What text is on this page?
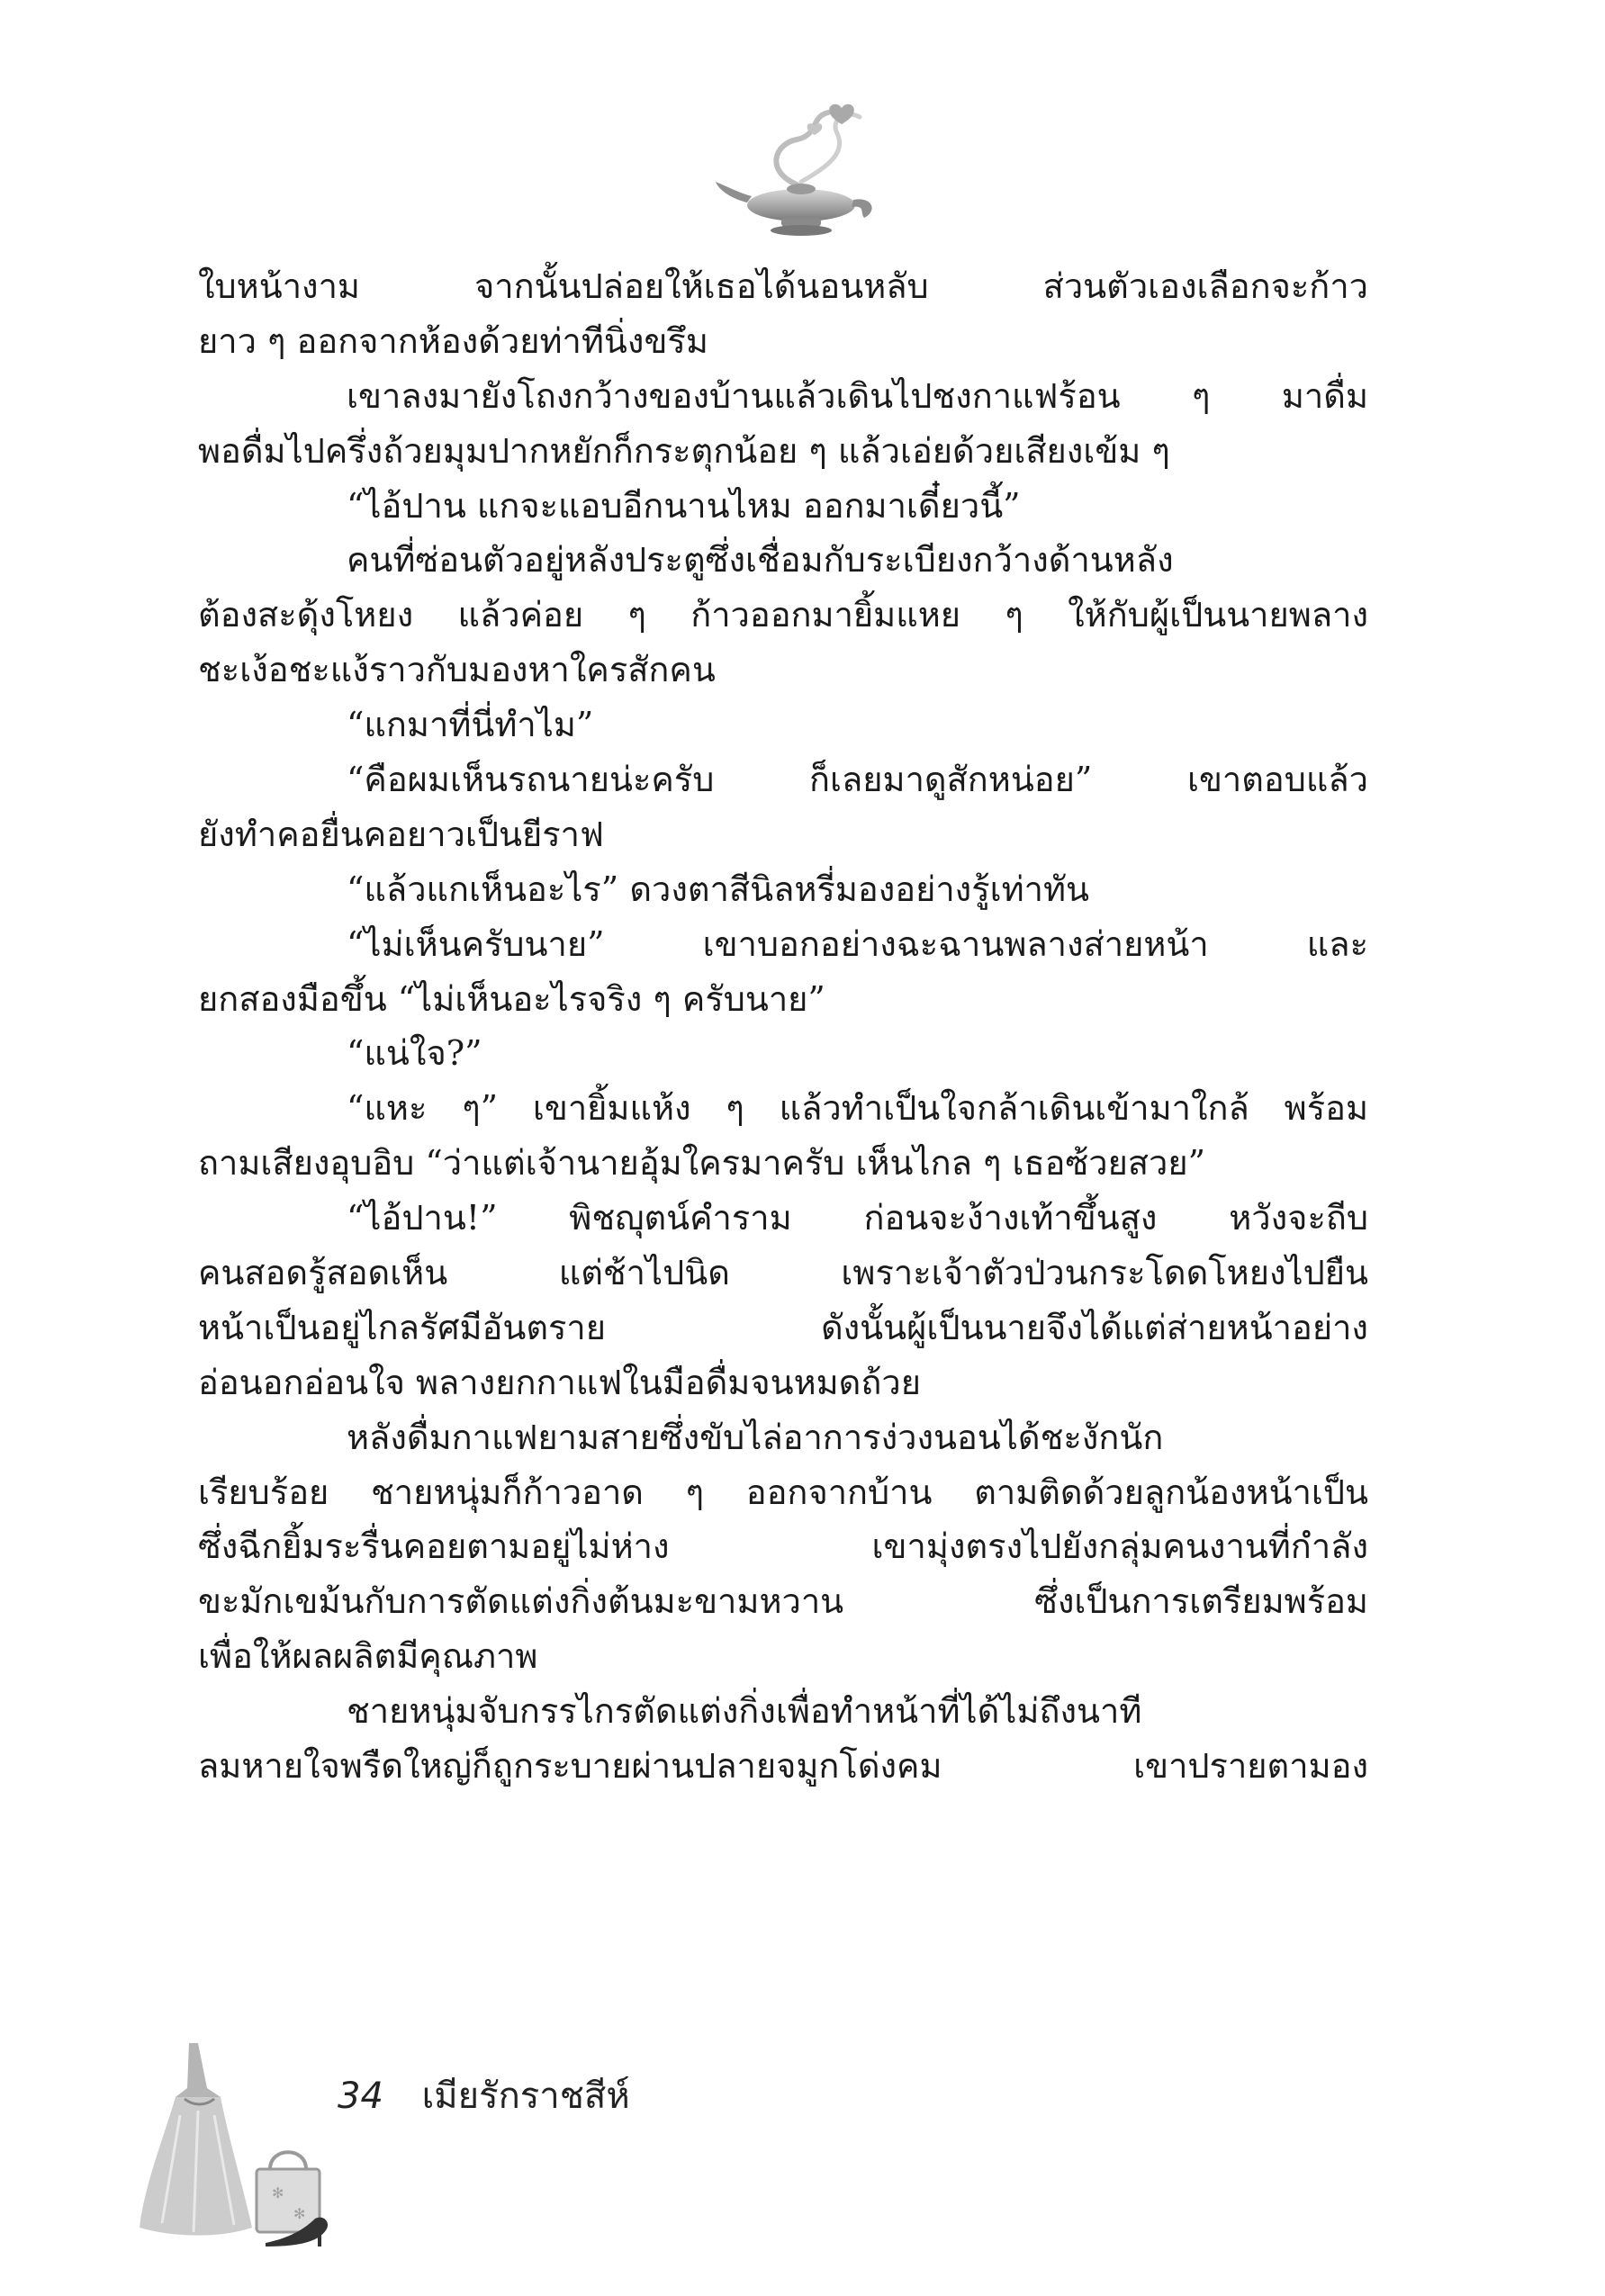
ใบหน้างาม จากนั้นปล่อยให้เธอได้นอนหลับ ส่วนตัวเองเลือกจะก้าว
ยาว ๆ ออกจากห้องด้วยท่าทีนิ่งขรึม
เขาลงมายังโถงกว้างของบ้านแล้วเดินไปชงกาแฟร้อน ๆ มาดื่ม
พอดื่มไปครึ่งถ้วยมุมปากหยักก็กระตุกน้อย ๆ แล้วเอ่ยด้วยเสียงเข้ม ๆ
“ไอ้ปาน แกจะแอบอีกนานไหม ออกมาเดี๋ยวนี้”
คนที่ซ่อนตัวอยู่หลังประตูซึ่งเชื่อมกับระเบียงกว้างด้านหลัง
ต้องสะดุ้งโหยง แล้วค่อย ๆ ก้าวออกมายิ้มแหย ๆ ให้กับผู้เป็นนายพลาง
ชะเง้อชะแง้ราวกับมองหาใครสักคน
“แกมาที่นี่ทำไม”
“คือผมเห็นรถนายน่ะครับ ก็เลยมาดูสักหน่อย” เขาตอบแล้ว
ยังทำคอยื่นคอยาวเป็นยีราฟ
“แล้วแกเห็นอะไร” ดวงตาสีนิลหรี่มองอย่างรู้เท่าทัน
“ไม่เห็นครับนาย” เขาบอกอย่างฉะฉานพลางส่ายหน้า และ
ยกสองมือขึ้น “ไม่เห็นอะไรจริง ๆ ครับนาย”
“แน่ใจ?”
“แหะ ๆ” เขายิ้มแห้ง ๆ แล้วทำเป็นใจกล้าเดินเข้ามาใกล้ พร้อม
ถามเสียงอุบอิบ “ว่าแต่เจ้านายอุ้มใครมาครับ เห็นไกล ๆ เธอซ้วยสวย”
“ไอ้ปาน!” พิชญุตน์คำราม ก่อนจะง้างเท้าขึ้นสูง หวังจะถีบ
คนสอดรู้สอดเห็น แต่ช้าไปนิด เพราะเจ้าตัวป่วนกระโดดโหยงไปยืน
หน้าเป็นอยู่ไกลรัศมีอันตราย ดังนั้นผู้เป็นนายจึงได้แต่ส่ายหน้าอย่าง
อ่อนอกอ่อนใจ พลางยกกาแฟในมือดื่มจนหมดถ้วย
หลังดื่มกาแฟยามสายซึ่งขับไล่อาการง่วงนอนได้ชะงักนัก
เรียบร้อย ชายหนุ่มก็ก้าวอาด ๆ ออกจากบ้าน ตามติดด้วยลูกน้องหน้าเป็น
ซึ่งฉีกยิ้มระรื่นคอยตามอยู่ไม่ห่าง เขามุ่งตรงไปยังกลุ่มคนงานที่กำลัง
ขะมักเขม้นกับการตัดแต่งกิ่งต้นมะขามหวาน ซึ่งเป็นการเตรียมพร้อม
เพื่อให้ผลผลิตมีคุณภาพ
ชายหนุ่มจับกรรไกรตัดแต่งกิ่งเพื่อทำหน้าที่ได้ไม่ถึงนาที
ลมหายใจพรืดใหญ่ก็ถูกระบายผ่านปลายจมูกโด่งคม เขาปรายตามอง
✻
✻
34 เมียรักราชสีห์
